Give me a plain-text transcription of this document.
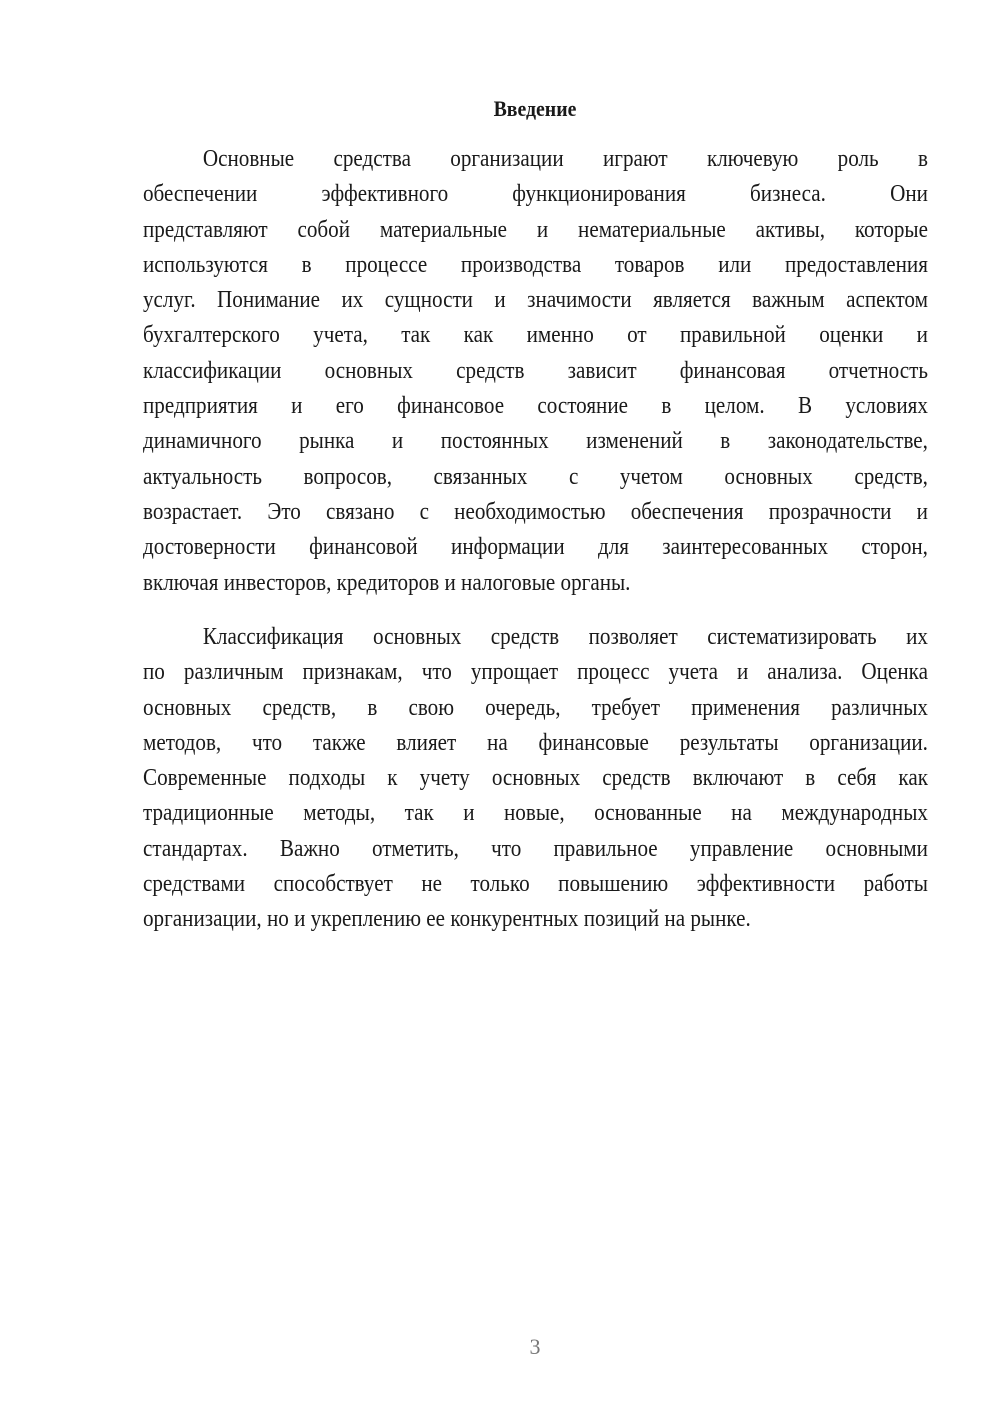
Введение
Основные средства организации играют ключевую роль в
обеспечении эффективного функционирования бизнеса. Они
представляют собой материальные и нематериальные активы, которые
используются в процессе производства товаров или предоставления
услуг. Понимание их сущности и значимости является важным аспектом
бухгалтерского учета, так как именно от правильной оценки и
классификации основных средств зависит финансовая отчетность
предприятия и его финансовое состояние в целом. В условиях
динамичного рынка и постоянных изменений в законодательстве,
актуальность вопросов, связанных с учетом основных средств,
возрастает. Это связано с необходимостью обеспечения прозрачности и
достоверности финансовой информации для заинтересованных сторон,
включая инвесторов, кредиторов и налоговые органы.
Классификация основных средств позволяет систематизировать их
по различным признакам, что упрощает процесс учета и анализа. Оценка
основных средств, в свою очередь, требует применения различных
методов, что также влияет на финансовые результаты организации.
Современные подходы к учету основных средств включают в себя как
традиционные методы, так и новые, основанные на международных
стандартах. Важно отметить, что правильное управление основными
средствами способствует не только повышению эффективности работы
организации, но и укреплению ее конкурентных позиций на рынке.
3
